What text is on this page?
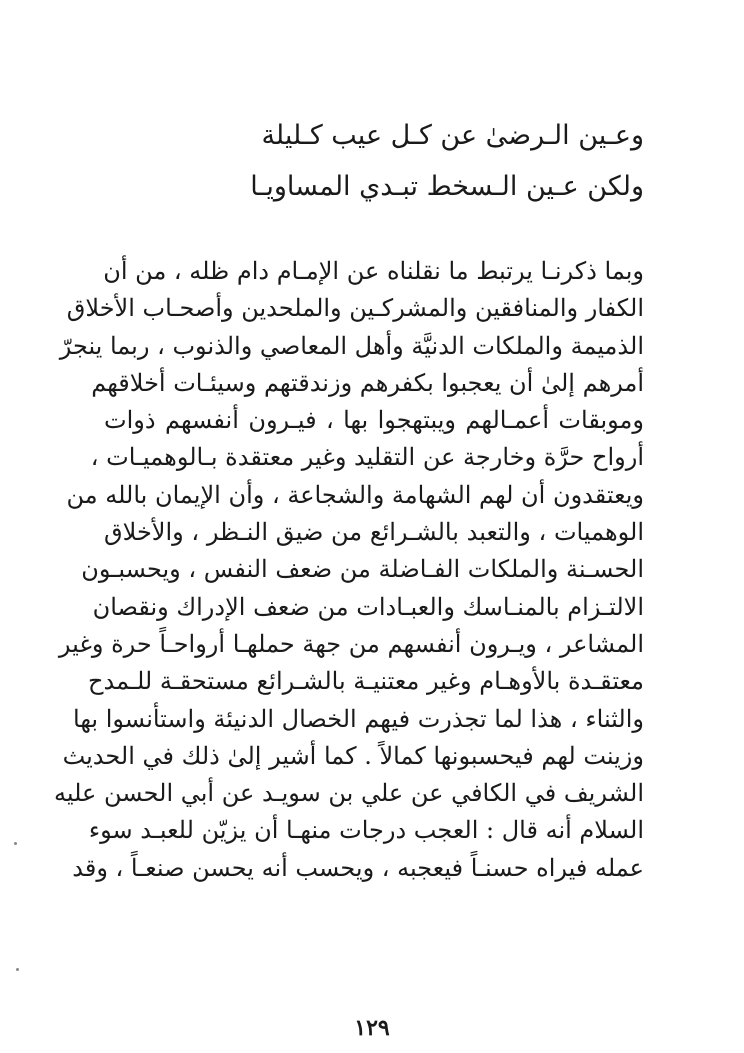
وعـين الـرضىٰ عن كـل عيب كـليلة
ولكن عـين الـسخط تبـدي المساويـا
وبما ذكرنـا يرتبط ما نقلناه عن الإمـام دام ظله ، من أن
الكفار والمنافقين والمشركـين والملحدين وأصحـاب الأخلاق
الذميمة والملكات الدنيَّة وأهل المعاصي والذنوب ، ربما ينجرّ
أمرهم إلىٰ أن يعجبوا بكفرهم وزندقتهم وسيئـات أخلاقهم
وموبقات أعمـالهم ويبتهجوا بها ، فيـرون أنفسهم ذوات
أرواح حرَّة وخارجة عن التقليد وغير معتقدة بـالوهميـات ،
ويعتقدون أن لهم الشهامة والشجاعة ، وأن الإيمان بالله من
الوهميات ، والتعبد بالشـرائع من ضيق النـظر ، والأخلاق
الحسـنة والملكات الفـاضلة من ضعف النفس ، ويحسبـون
الالتـزام بالمنـاسك والعبـادات من ضعف الإدراك ونقصان
المشاعر ، ويـرون أنفسهم من جهة حملهـا أرواحـاً حرة وغير
معتقـدة بالأوهـام وغير معتنيـة بالشـرائع مستحقـة للـمدح
والثناء ، هذا لما تجذرت فيهم الخصال الدنيئة واستأنسوا بها
وزينت لهم فيحسبونها كمالاً . كما أشير إلىٰ ذلك في الحديث
الشريف في الكافي عن علي بن سويـد عن أبي الحسن عليه
السلام أنه قال : العجب درجات منهـا أن يزيّن للعبـد سوء
عمله فيراه حسنـاً فيعجبه ، ويحسب أنه يحسن صنعـاً ، وقد
١٢٩
